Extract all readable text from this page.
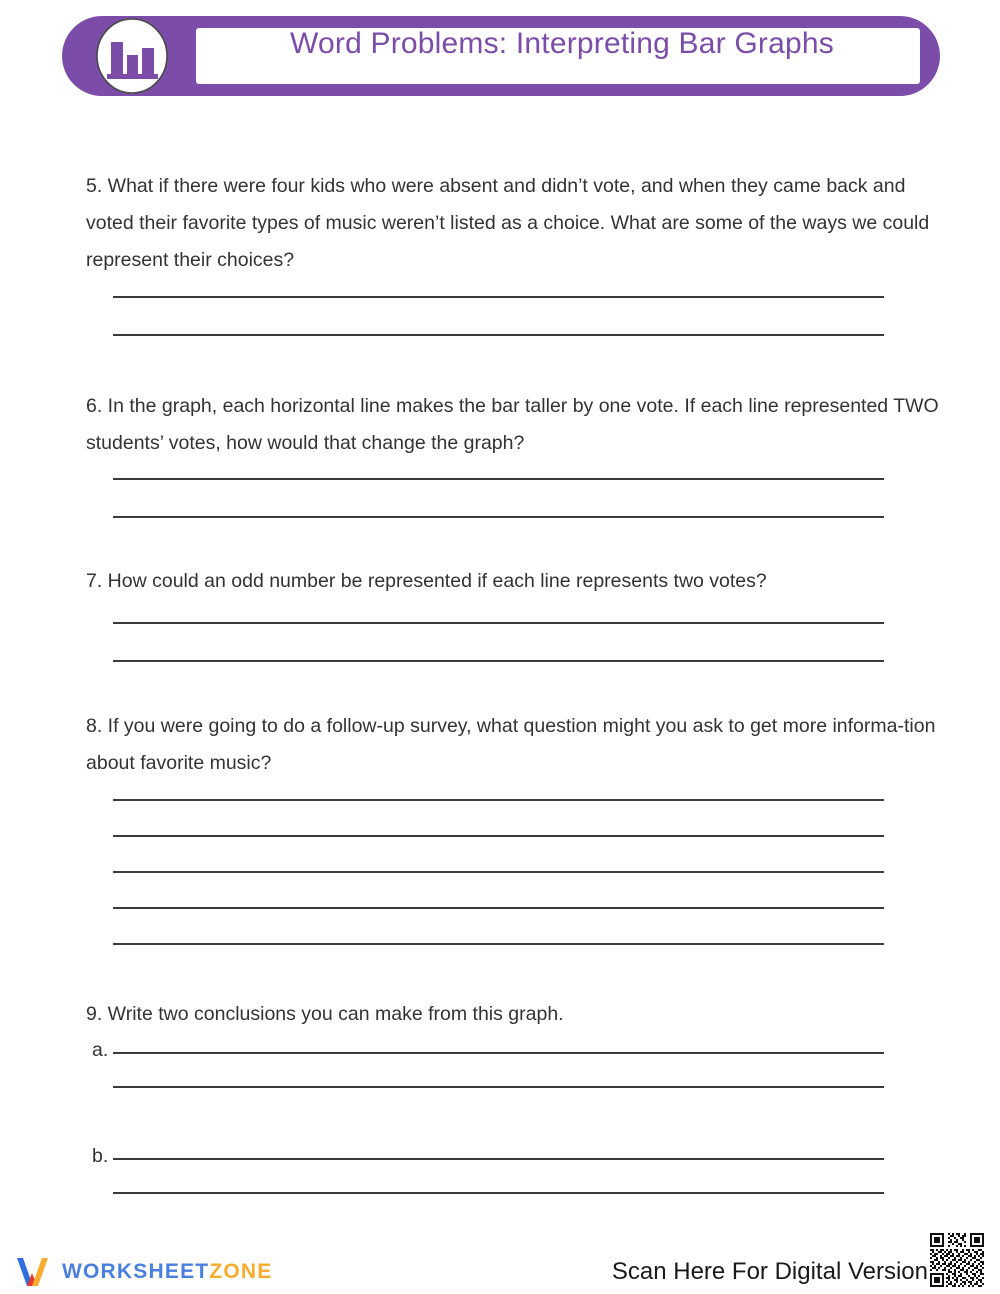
Word Problems: Interpreting Bar Graphs
5. What if there were four kids who were absent and didn’t vote, and when they came back and voted their favorite types of music weren’t listed as a choice. What are some of the ways we could represent their choices?
6. In the graph, each horizontal line makes the bar taller by one vote. If each line represented TWO students’ votes, how would that change the graph?
7. How could an odd number be represented if each line represents two votes?
8. If you were going to do a follow-up survey, what question might you ask to get more informa-tion about favorite music?
9. Write two conclusions you can make from this graph.
a.
b.
WORKSHEETZONE	Scan Here For Digital Version
